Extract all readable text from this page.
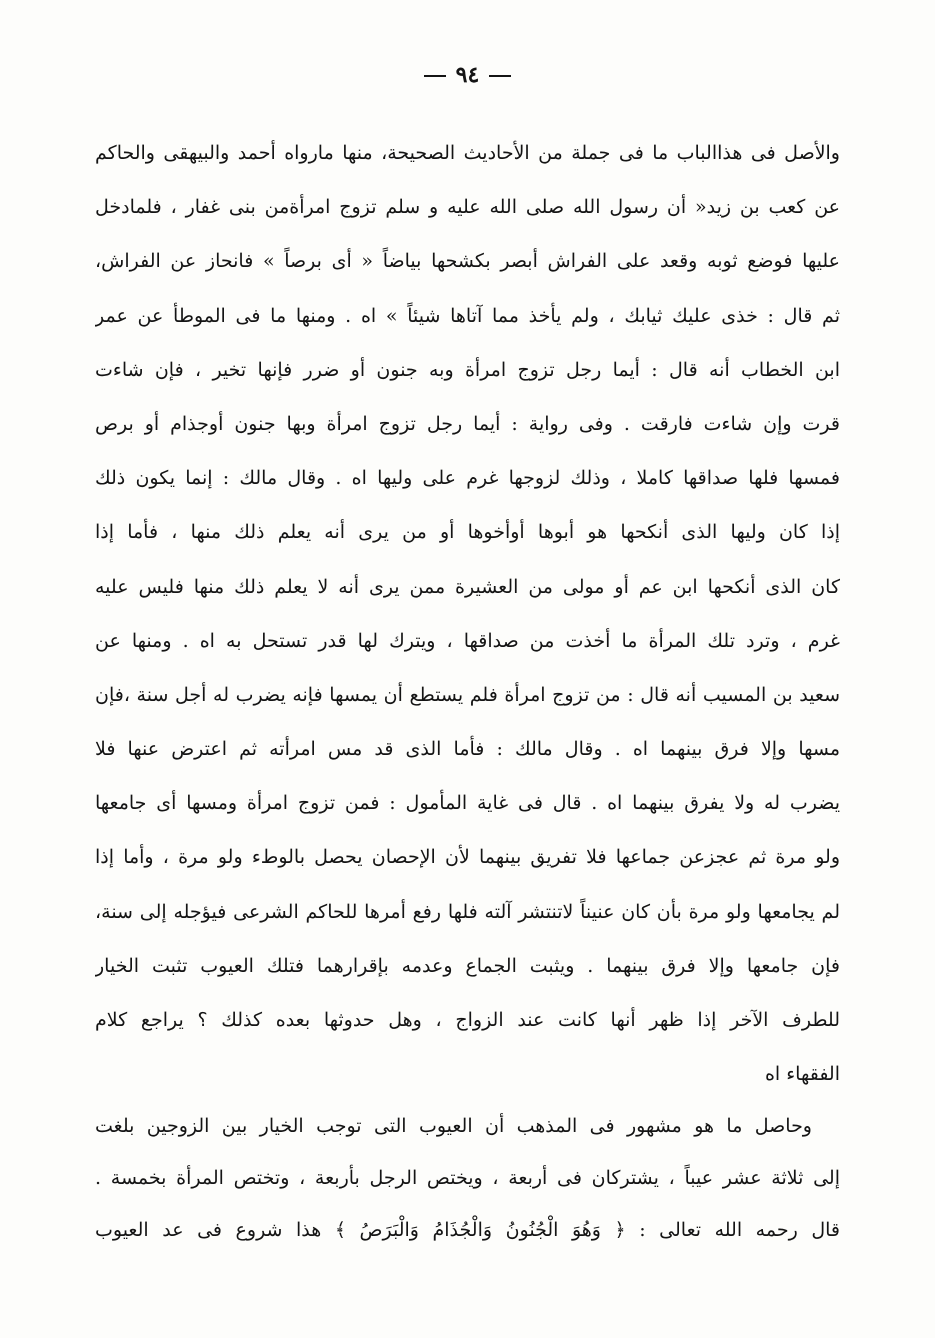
٩٤
والأصل فى هذاالباب ما فى جملة من الأحاديث الصحيحة، منها مارواه أحمد والبيهقى والحاكم
عن كعب بن زيد« أن رسول الله صلى الله عليه و سلم تزوج امرأةمن بنى غفار ، فلمادخل
عليها فوضع ثوبه وقعد على الفراش أبصر بكشحها بياضاً « أى برصاً » فانحاز عن الفراش،
ثم قال : خذى عليك ثيابك ، ولم يأخذ مما آتاها شيئاً » اه . ومنها ما فى الموطأ عن عمر
ابن الخطاب أنه قال : أيما رجل تزوج امرأة وبه جنون أو ضرر فإنها تخير ، فإن شاءت
قرت وإن شاءت فارقت . وفى رواية : أيما رجل تزوج امرأة وبها جنون أوجذام أو برص
فمسها فلها صداقها كاملا ، وذلك لزوجها غرم على وليها اه . وقال مالك : إنما يكون ذلك
إذا كان وليها الذى أنكحها هو أبوها أوأخوها أو من يرى أنه يعلم ذلك منها ، فأما إذا
كان الذى أنكحها ابن عم أو مولى من العشيرة ممن يرى أنه لا يعلم ذلك منها فليس عليه
غرم ، وترد تلك المرأة ما أخذت من صداقها ، ويترك لها قدر تستحل به اه . ومنها عن
سعيد بن المسيب أنه قال : من تزوج امرأة فلم يستطع أن يمسها فإنه يضرب له أجل سنة ،فإن
مسها وإلا فرق بينهما اه . وقال مالك : فأما الذى قد مس امرأته ثم اعترض عنها فلا
يضرب له ولا يفرق بينهما اه . قال فى غاية المأمول : فمن تزوج امرأة ومسها أى جامعها
ولو مرة ثم عجزعن جماعها فلا تفريق بينهما لأن الإحصان يحصل بالوطء ولو مرة ، وأما إذا
لم يجامعها ولو مرة بأن كان عنيناً لاتنتشر آلته فلها رفع أمرها للحاكم الشرعى فيؤجله إلى سنة،
فإن جامعها وإلا فرق بينهما . ويثبت الجماع وعدمه بإقرارهما فتلك العيوب تثبت الخيار
للطرف الآخر إذا ظهر أنها كانت عند الزواج ، وهل حدوثها بعده كذلك ؟ يراجع كلام
الفقهاء اه
وحاصل ما هو مشهور فى المذهب أن العيوب التى توجب الخيار بين الزوجين بلغت
إلى ثلاثة عشر عيباً ، يشتركان فى أربعة ، ويختص الرجل بأربعة ، وتختص المرأة بخمسة .
قال رحمه الله تعالى : ﴿ وَهُوَ الْجُنُونُ وَالْجُذَامُ وَالْبَرَصُ ﴾ هذا شروع فى عد العيوب
